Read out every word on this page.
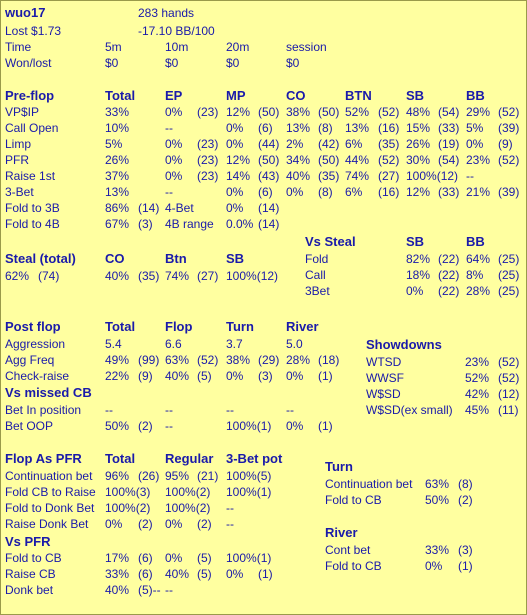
wuo17	283 hands
Lost $1.73	-17.10 BB/100
Time	5m	10m	20m	session
Won/lost	$0	$0	$0	$0
Pre-flop	Total EP	MP	CO	BTN	SB	BB
VP$IP	33%	0% (23) 12% (50) 38% (50) 52% (52) 48% (54) 29% (52)
Call Open	10%	--	0% (6) 13% (8) 13% (16) 15% (33) 5% (39)
Limp	5%	0% (23) 0% (44) 2% (42) 6% (35) 26% (19) 0% (9)
PFR	26%	0% (23) 12% (50) 34% (50) 44% (52) 30% (54) 23% (52)
Raise 1st	37%	0% (23) 14% (43) 40% (35) 74% (27) 100%(12) --
3-Bet	13%	--	0% (6) 0% (8) 6% (16) 12% (33) 21% (39)
Fold to 3B	86% (14) 4-Bet	0% (14)
Fold to 4B	67% (3) 4B range 0.0% (14)
Vs Steal	SB	BB
Fold	82% (22) 64% (25)
Call	18% (22) 8% (25)
3Bet	0% (22) 28% (25)
Steal (total) CO	Btn	SB
62% (74)	40% (35) 74% (27) 100%(12)
Post flop	Total Flop	Turn River
Aggression	5.4	6.6	3.7	5.0
Agg Freq	49% (99) 63% (52) 38% (29) 28% (18)
Check-raise	22% (9) 40% (5) 0% (3) 0% (1)
Vs missed CB
Bet In position --	--	--	--
Bet OOP	50% (2) --	100%(1) 0% (1)
Showdowns
WTSD	23% (52)
WWSF	52% (52)
W$SD	42% (12)
W$SD(ex small) 45% (11)
Flop As PFR Total Regular 3-Bet pot
Continuation bet 96% (26) 95% (21) 100%(5)
Fold CB to Raise 100%(3) 100%(2) 100%(1)
Fold to Donk Bet 100%(2) 100%(2) --
Raise Donk Bet 0% (2) 0% (2) --
Vs PFR
Fold to CB	17% (6) 0% (5) 100%(1)
Raise CB	33% (6) 40% (5) 0% (1)
Donk bet	40% (5)-- --
Turn
Continuation bet 63% (8)
Fold to CB	50% (2)
River
Cont bet	33% (3)
Fold to CB	0% (1)
